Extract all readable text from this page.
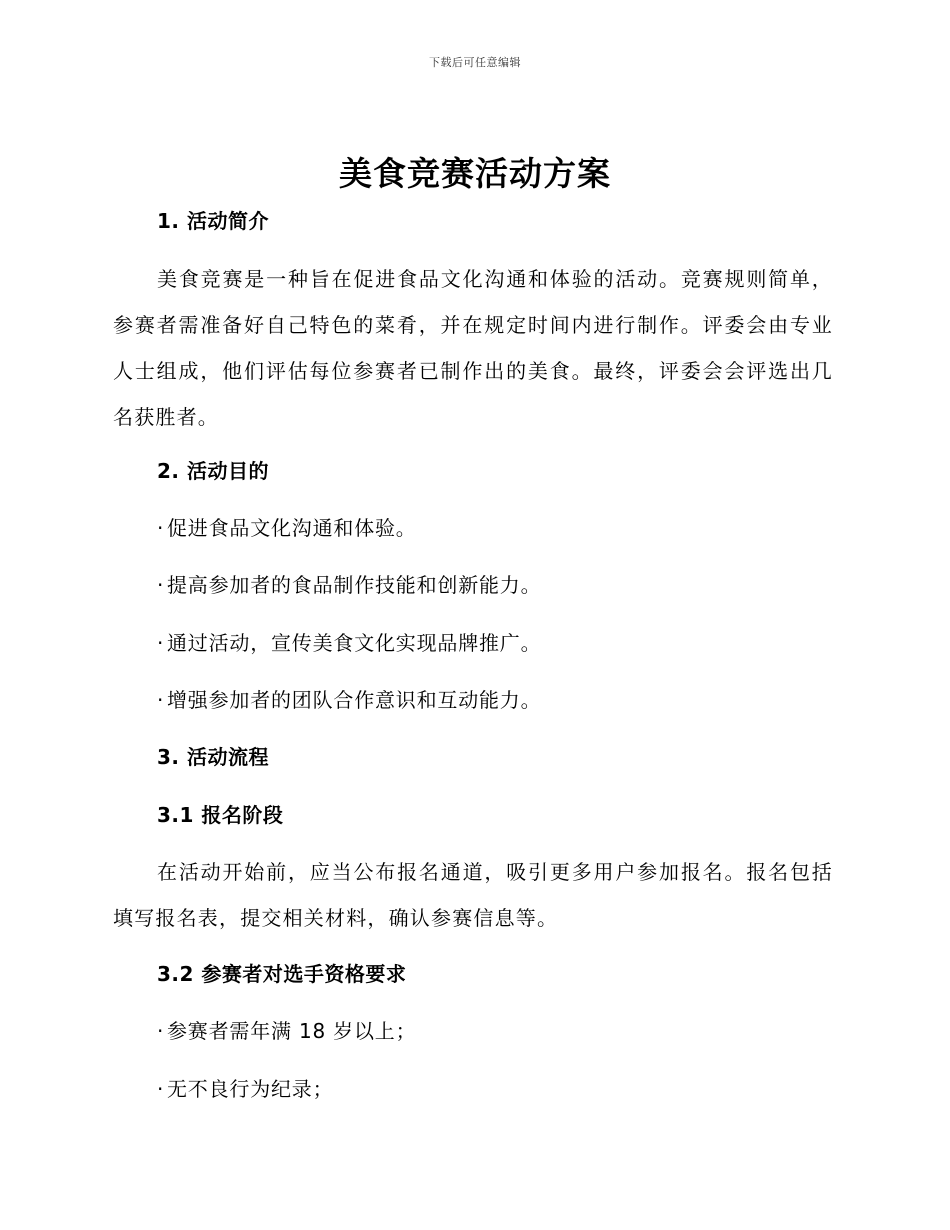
下载后可任意编辑
美食竞赛活动方案
1. 活动简介
美食竞赛是一种旨在促进食品文化沟通和体验的活动。竞赛规则简单，参赛者需准备好自己特色的菜肴，并在规定时间内进行制作。评委会由专业人士组成，他们评估每位参赛者已制作出的美食。最终，评委会会评选出几名获胜者。
2. 活动目的
· 促进食品文化沟通和体验。
· 提高参加者的食品制作技能和创新能力。
· 通过活动，宣传美食文化实现品牌推广。
· 增强参加者的团队合作意识和互动能力。
3. 活动流程
3.1 报名阶段
在活动开始前，应当公布报名通道，吸引更多用户参加报名。报名包括填写报名表，提交相关材料，确认参赛信息等。
3.2 参赛者对选手资格要求
· 参赛者需年满 18 岁以上；
· 无不良行为纪录；
